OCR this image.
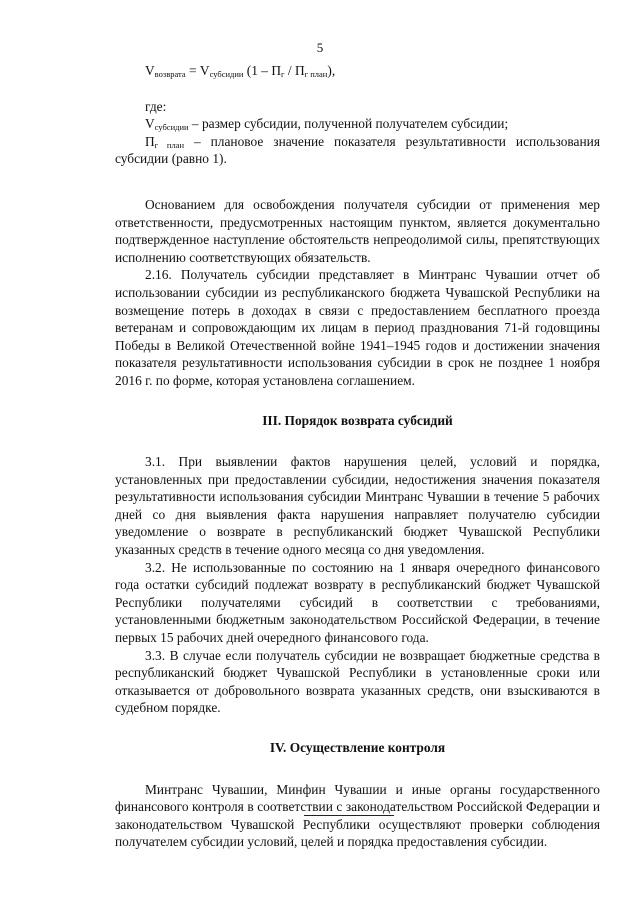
5

$V_{возврата} = V_{субсидии}$ $(1 - П_г / П_{г план})$,

где:

$V_{субсидии}$ – размер субсидии, полученной получателем субсидии;

$П_{г план}$ – плановое значение показателя результативности использования субсидии (равно 1).

Основанием для освобождения получателя субсидии от применения мер ответственности, предусмотренных настоящим пунктом, является документально подтвержденное наступление обстоятельств непреодолимой силы, препятствующих исполнению соответствующих обязательств.

2.16. Получатель субсидии представляет в Минтранс Чувашии отчет об использовании субсидии из республиканского бюджета Чувашской Республики на возмещение потерь в доходах в связи с предоставлением бесплатного проезда ветеранам и сопровождающим их лицам в период празднования 71-й годовщины Победы в Великой Отечественной войне 1941–1945 годов и достижении значения показателя результативности использования субсидии в срок не позднее 1 ноября 2016 г. по форме, которая установлена соглашением.

III. Порядок возврата субсидий

3.1. При выявлении фактов нарушения целей, условий и порядка, установленных при предоставлении субсидии, недостижения значения показателя результативности использования субсидии Минтранс Чувашии в течение 5 рабочих дней со дня выявления факта нарушения направляет получателю субсидии уведомление о возврате в республиканский бюджет Чувашской Республики указанных средств в течение одного месяца со дня уведомления.

3.2. Не использованные по состоянию на 1 января очередного финансового года остатки субсидий подлежат возврату в республиканский бюджет Чувашской Республики получателями субсидий в соответствии с требованиями, установленными бюджетным законодательством Российской Федерации, в течение первых 15 рабочих дней очередного финансового года.

3.3. В случае если получатель субсидии не возвращает бюджетные средства в республиканский бюджет Чувашской Республики в установленные сроки или отказывается от добровольного возврата указанных средств, они взыскиваются в судебном порядке.

IV. Осуществление контроля

Минтранс Чувашии, Минфин Чувашии и иные органы государственного финансового контроля в соответствии с законодательством Российской Федерации и законодательством Чувашской Республики осуществляют проверки соблюдения получателем субсидии условий, целей и порядка предоставления субсидии.
